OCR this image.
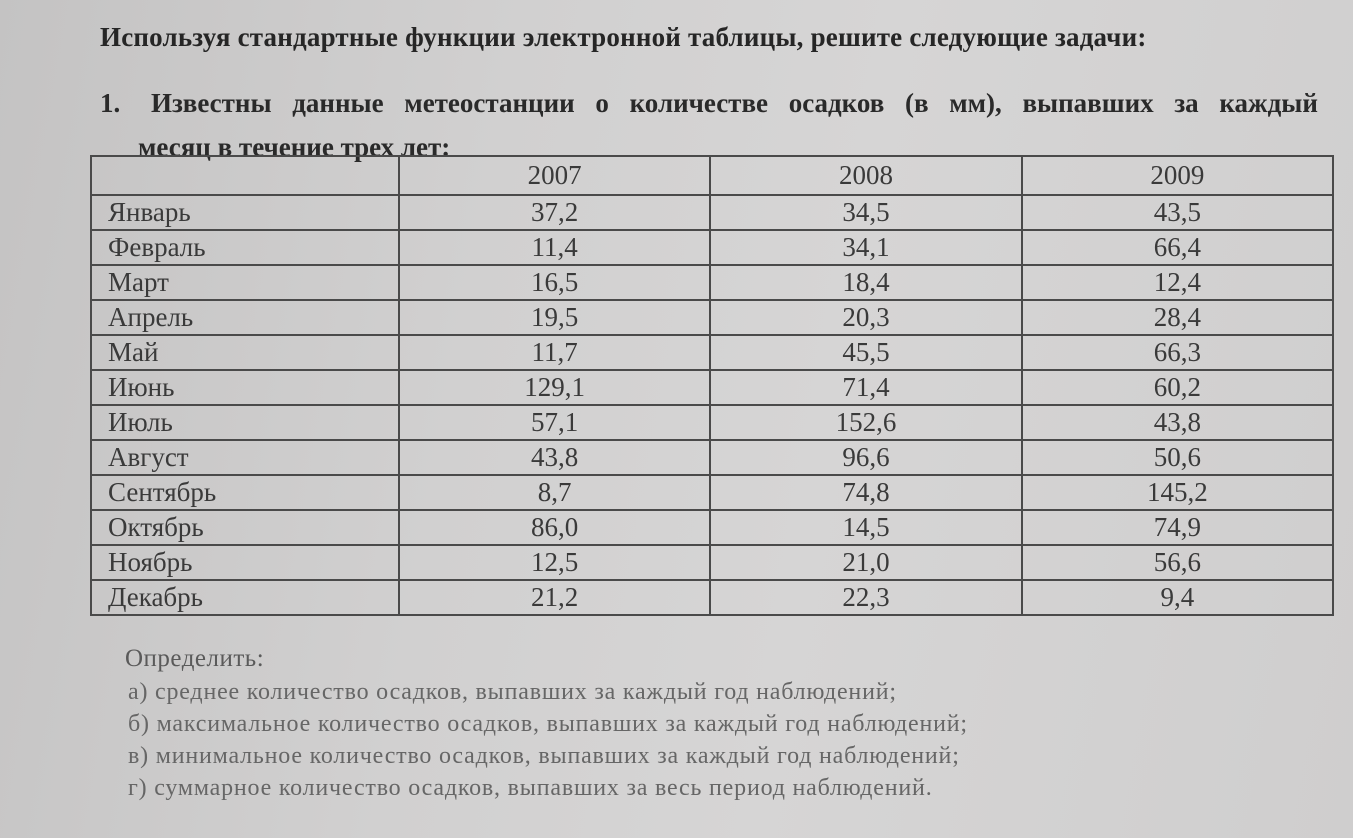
Используя стандартные функции электронной таблицы, решите следующие задачи:
1. Известны данные метеостанции о количестве осадков (в мм), выпавших за каждый
месяц в течение трех лет:
	2007	2008	2009
Январь	37,2	34,5	43,5
Февраль	11,4	34,1	66,4
Март	16,5	18,4	12,4
Апрель	19,5	20,3	28,4
Май	11,7	45,5	66,3
Июнь	129,1	71,4	60,2
Июль	57,1	152,6	43,8
Август	43,8	96,6	50,6
Сентябрь	8,7	74,8	145,2
Октябрь	86,0	14,5	74,9
Ноябрь	12,5	21,0	56,6
Декабрь	21,2	22,3	9,4
Определить:
а) среднее количество осадков, выпавших за каждый год наблюдений;
б) максимальное количество осадков, выпавших за каждый год наблюдений;
в) минимальное количество осадков, выпавших за каждый год наблюдений;
г) суммарное количество осадков, выпавших за весь период наблюдений.
